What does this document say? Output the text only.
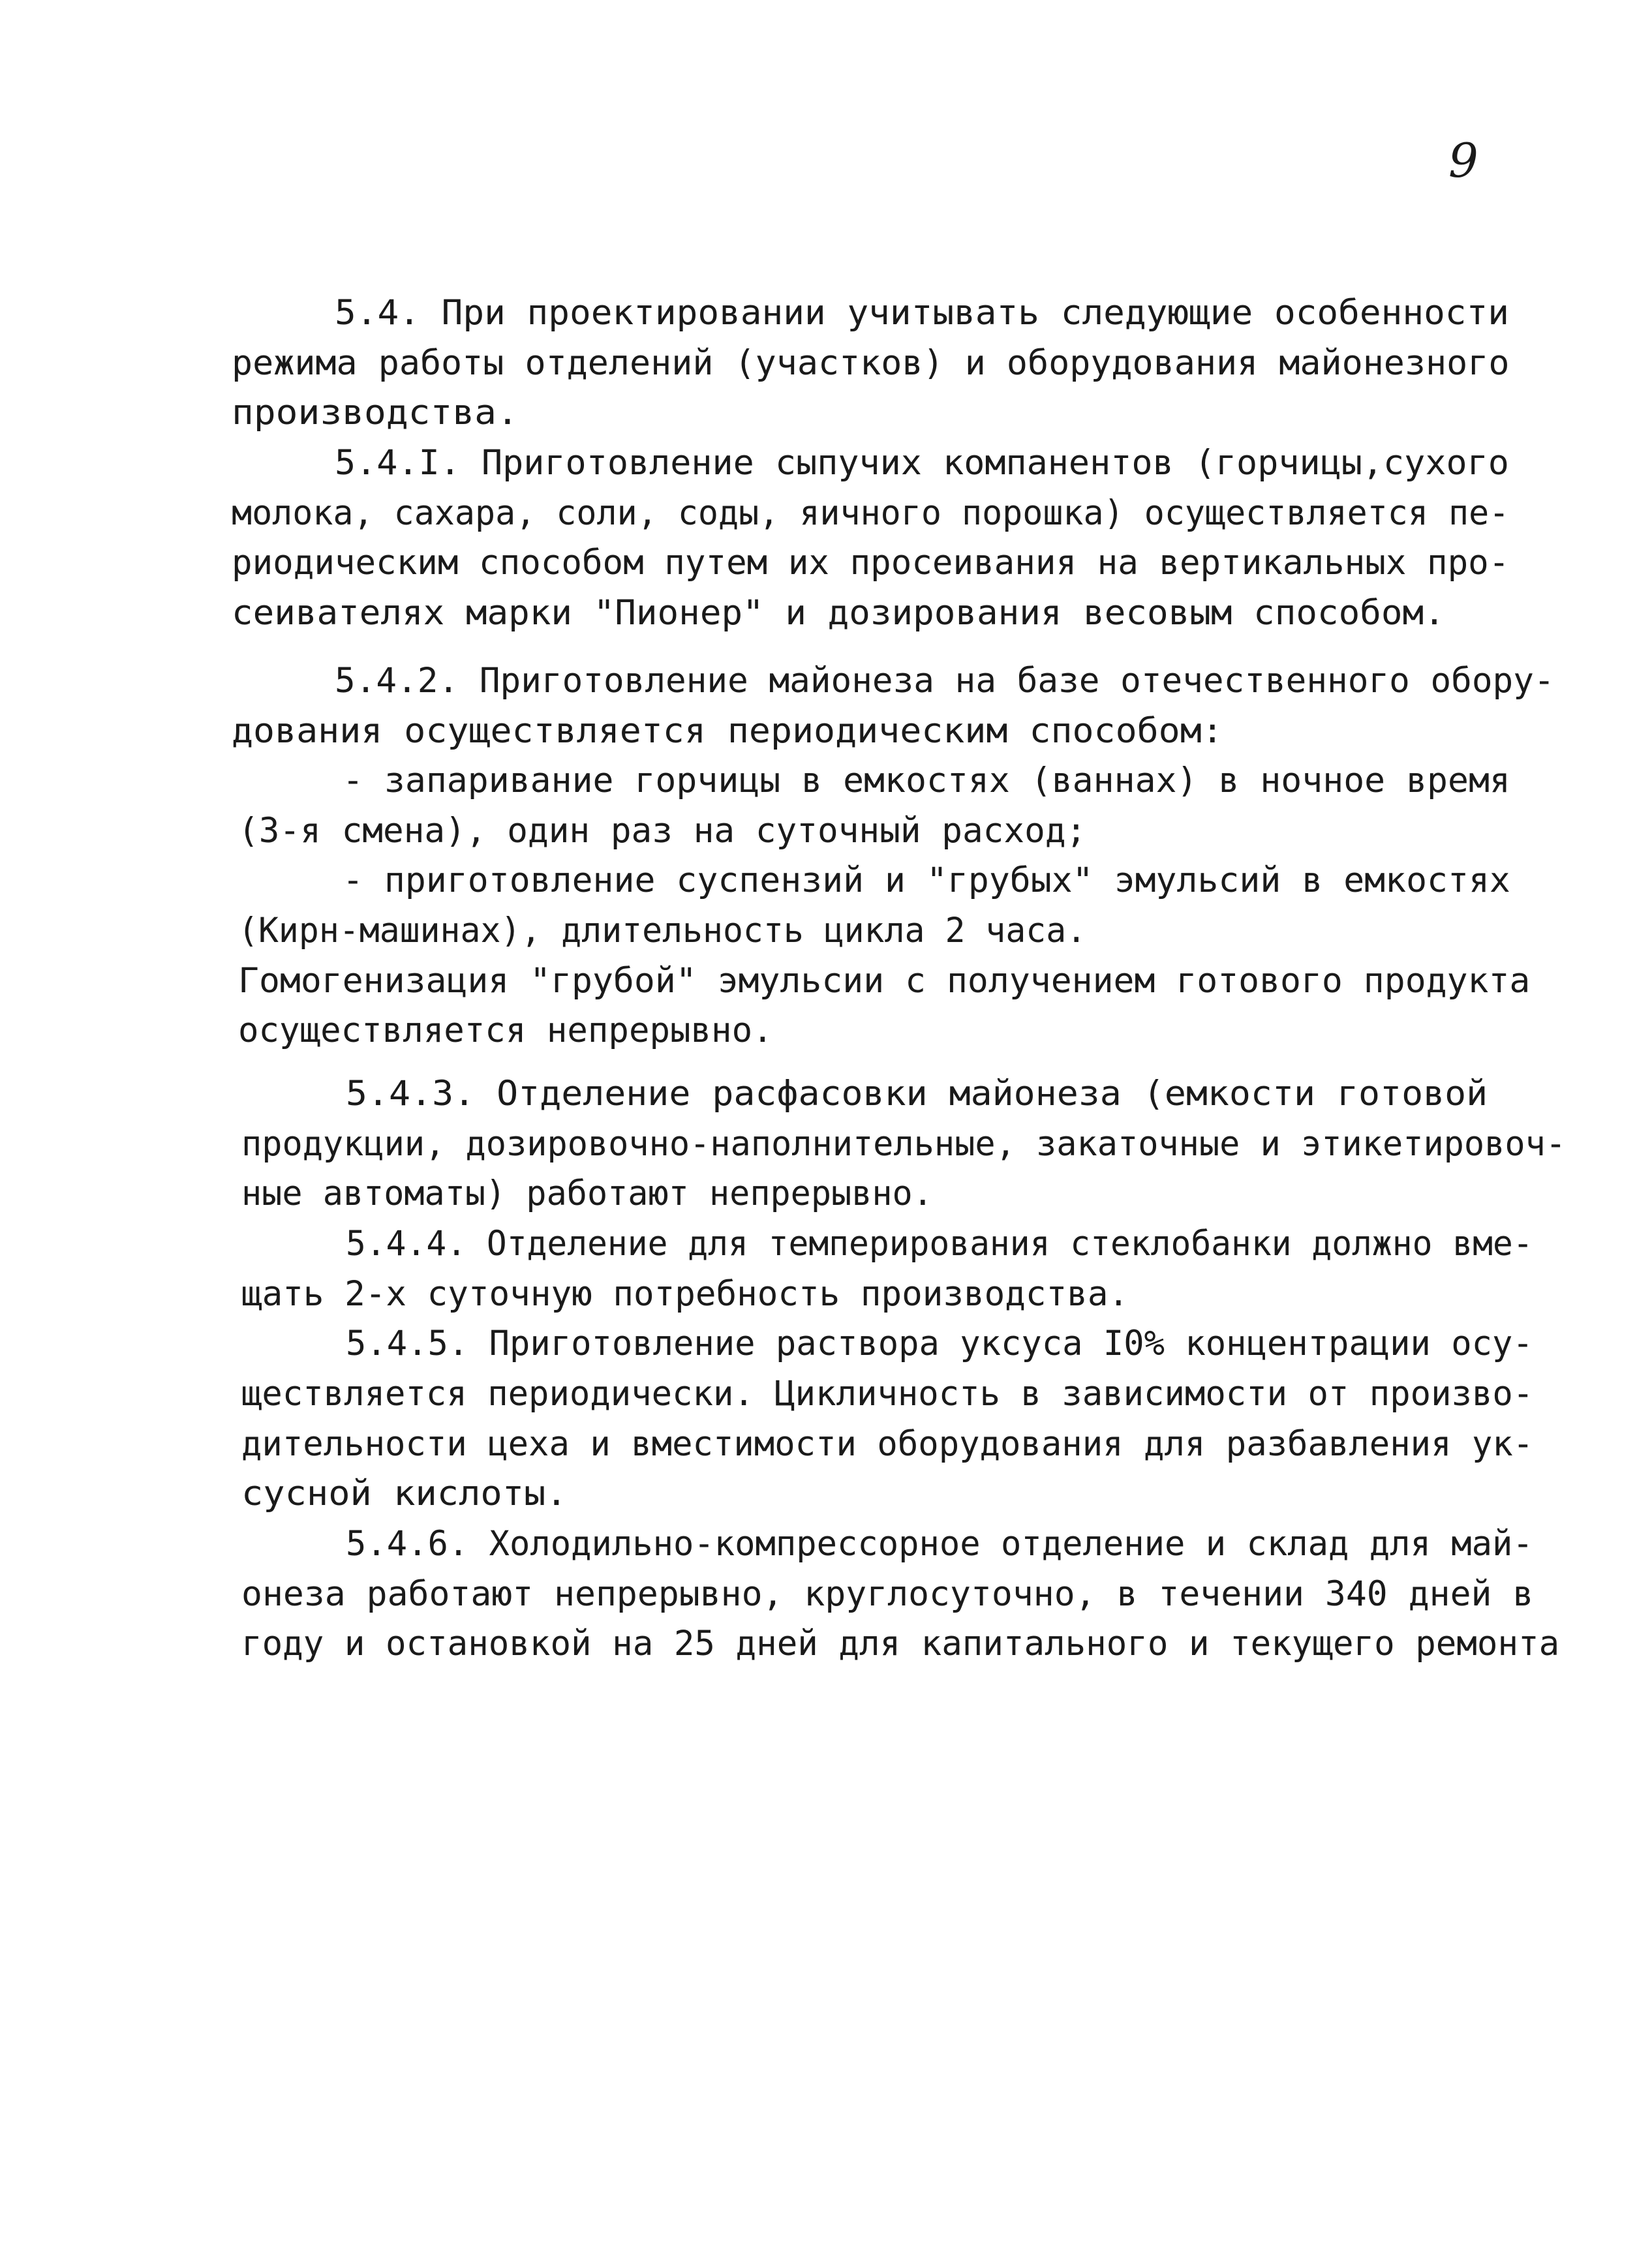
9
5.4. При проектировании учитывать следующие особенности
режима работы отделений (участков) и оборудования майонезного
производства.
5.4.I. Приготовление сыпучих компанентов (горчицы,сухого
молока, сахара, соли, соды, яичного порошка) осуществляется пе-
риодическим способом путем их просеивания на вертикальных про-
сеивателях марки "Пионер" и дозирования весовым способом.
5.4.2. Приготовление майонеза на базе отечественного обору-
дования осуществляется периодическим способом:
- запаривание горчицы в емкостях (ваннах) в ночное время
(3-я смена), один раз на суточный расход;
- приготовление суспензий и "грубых" эмульсий в емкостях
(Кирн-машинах), длительность цикла 2 часа.
Гомогенизация "грубой" эмульсии с получением готового продукта
осуществляется непрерывно.
5.4.3. Отделение расфасовки майонеза (емкости готовой
продукции, дозировочно-наполнительные, закаточные и этикетировоч-
ные автоматы) работают непрерывно.
5.4.4. Отделение для темперирования стеклобанки должно вме-
щать 2-х суточную потребность производства.
5.4.5. Приготовление раствора уксуса I0% концентрации осу-
ществляется периодически. Цикличность в зависимости от произво-
дительности цеха и вместимости оборудования для разбавления ук-
сусной кислоты.
5.4.6. Холодильно-компрессорное отделение и склад для май-
онеза работают непрерывно, круглосуточно, в течении 340 дней в
году и остановкой на 25 дней для капитального и текущего ремонта
